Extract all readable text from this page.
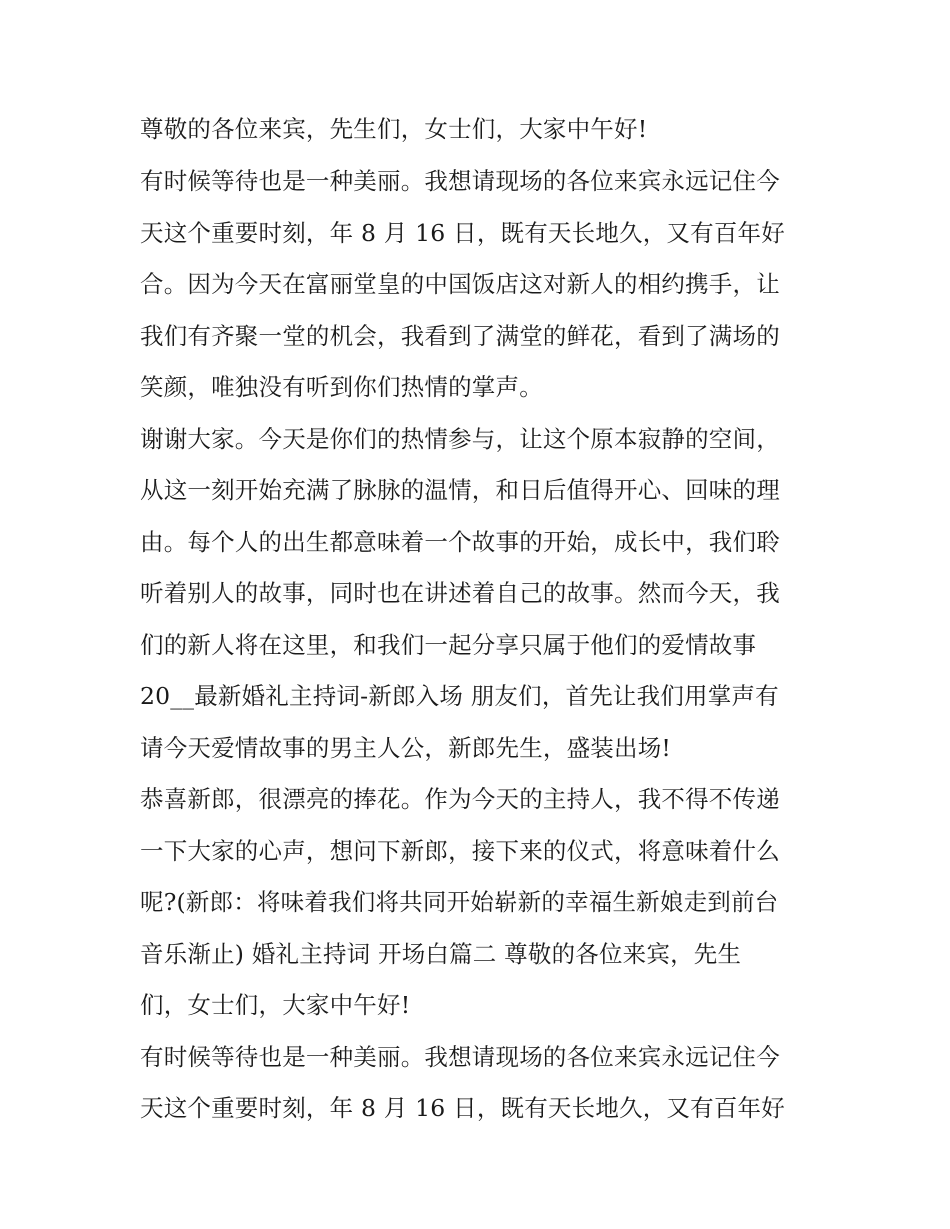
尊敬的各位来宾，先生们，女士们，大家中午好!
有时候等待也是一种美丽。我想请现场的各位来宾永远记住今
天这个重要时刻，年 8 月 16 日，既有天长地久，又有百年好
合。因为今天在富丽堂皇的中国饭店这对新人的相约携手，让
我们有齐聚一堂的机会，我看到了满堂的鲜花，看到了满场的
笑颜，唯独没有听到你们热情的掌声。
谢谢大家。今天是你们的热情参与，让这个原本寂静的空间，
从这一刻开始充满了脉脉的温情，和日后值得开心、回味的理
由。每个人的出生都意味着一个故事的开始，成长中，我们聆
听着别人的故事，同时也在讲述着自己的故事。然而今天，我
们的新人将在这里，和我们一起分享只属于他们的爱情故事
20__最新婚礼主持词-新郎入场 朋友们，首先让我们用掌声有
请今天爱情故事的男主人公，新郎先生，盛装出场!
恭喜新郎，很漂亮的捧花。作为今天的主持人，我不得不传递
一下大家的心声，想问下新郎，接下来的仪式，将意味着什么
呢?(新郎：将味着我们将共同开始崭新的幸福生新娘走到前台
音乐渐止) 婚礼主持词 开场白篇二 尊敬的各位来宾，先生
们，女士们，大家中午好!
有时候等待也是一种美丽。我想请现场的各位来宾永远记住今
天这个重要时刻，年 8 月 16 日，既有天长地久，又有百年好
